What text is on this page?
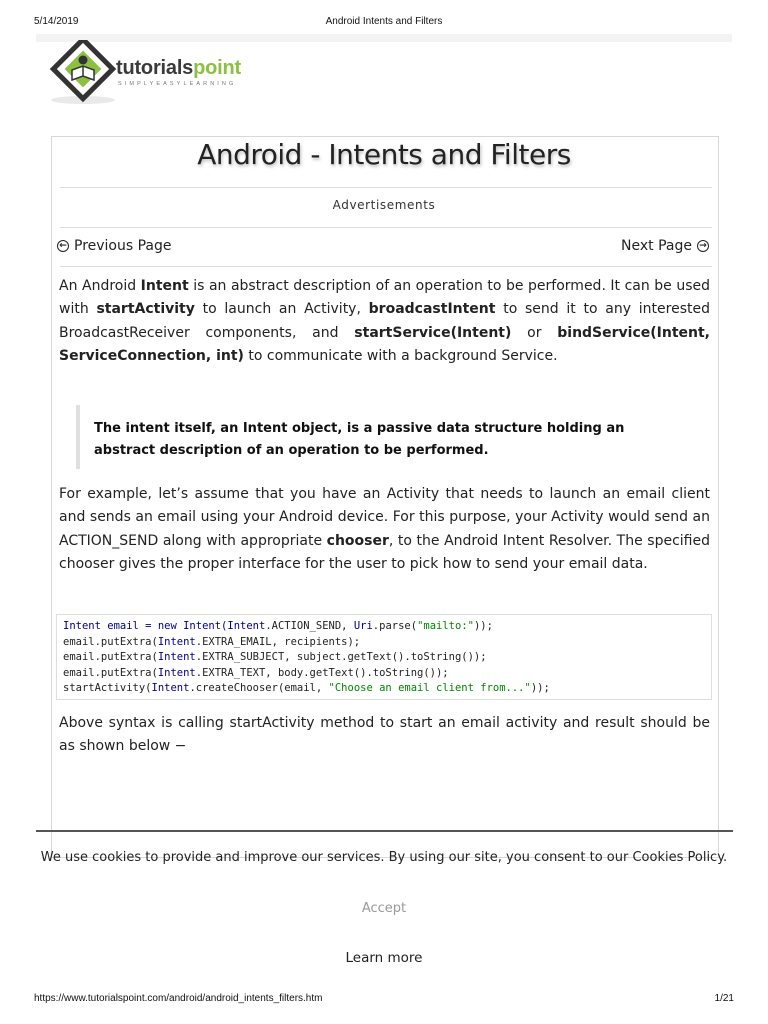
5/14/2019	Android Intents and Filters
tutorialspoint
SIMPLYEASYLEARNING
Android - Intents and Filters
Advertisements
← Previous Page	Next Page →
An Android Intent is an abstract description of an operation to be performed. It can be used with startActivity to launch an Activity, broadcastIntent to send it to any interested BroadcastReceiver components, and startService(Intent) or bindService(Intent, ServiceConnection, int) to communicate with a background Service.
The intent itself, an Intent object, is a passive data structure holding an abstract description of an operation to be performed.
For example, let’s assume that you have an Activity that needs to launch an email client and sends an email using your Android device. For this purpose, your Activity would send an ACTION_SEND along with appropriate chooser, to the Android Intent Resolver. The specified chooser gives the proper interface for the user to pick how to send your email data.
Intent email = new Intent(Intent.ACTION_SEND, Uri.parse("mailto:"));
email.putExtra(Intent.EXTRA_EMAIL, recipients);
email.putExtra(Intent.EXTRA_SUBJECT, subject.getText().toString());
email.putExtra(Intent.EXTRA_TEXT, body.getText().toString());
startActivity(Intent.createChooser(email, "Choose an email client from..."));
Above syntax is calling startActivity method to start an email activity and result should be as shown below −
We use cookies to provide and improve our services. By using our site, you consent to our Cookies Policy.
Accept
Learn more
https://www.tutorialspoint.com/android/android_intents_filters.htm	1/21
